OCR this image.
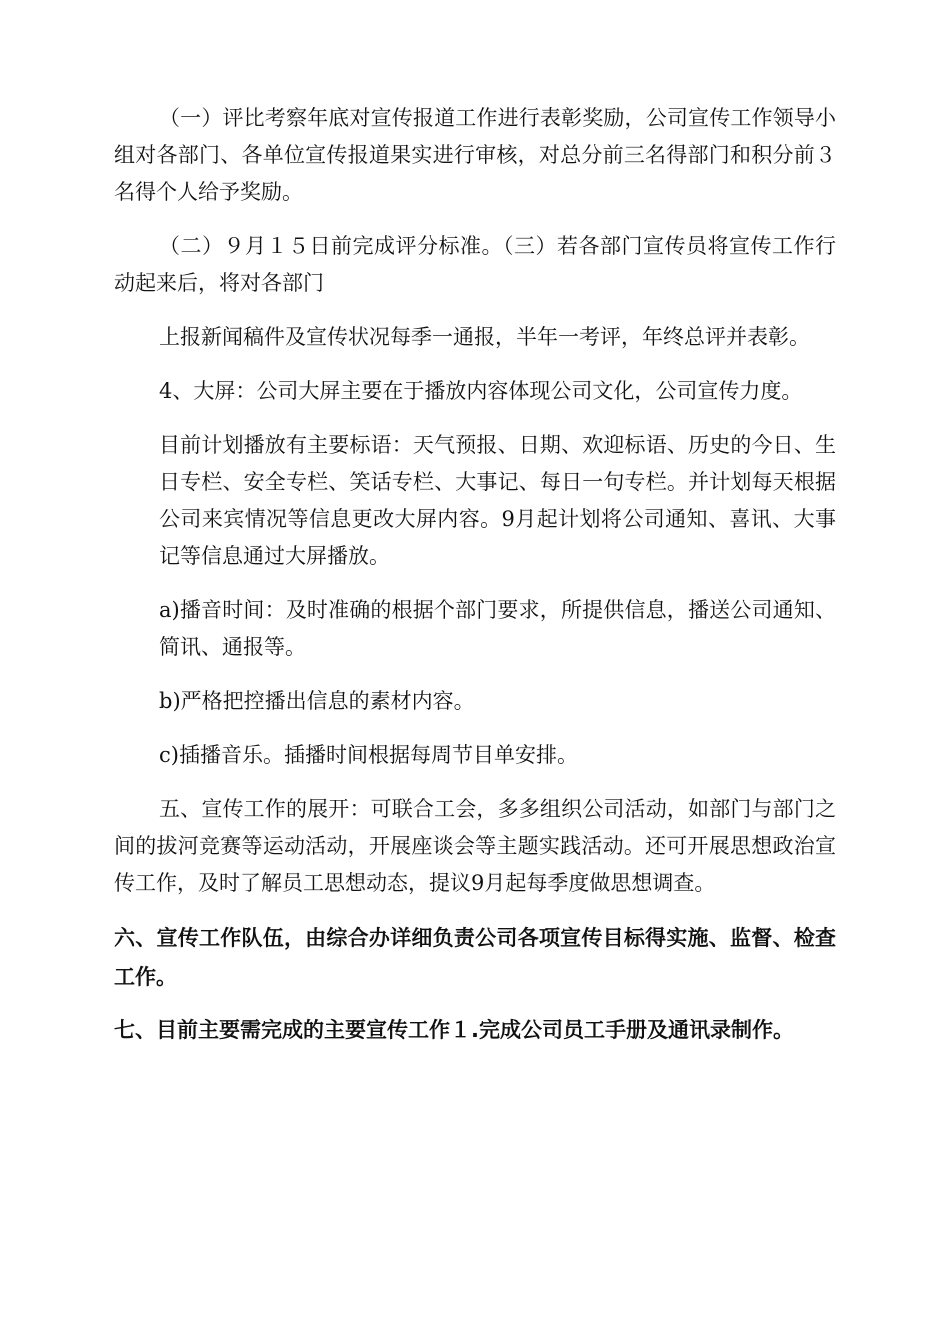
（一）评比考察年底对宣传报道工作进行表彰奖励，公司宣传工作领导小组对各部门、各单位宣传报道果实进行审核，对总分前三名得部门和积分前３名得个人给予奖励。

（二）９月１５日前完成评分标准。（三）若各部门宣传员将宣传工作行动起来后，将对各部门

上报新闻稿件及宣传状况每季一通报，半年一考评，年终总评并表彰。

4、大屏：公司大屏主要在于播放内容体现公司文化，公司宣传力度。

目前计划播放有主要标语：天气预报、日期、欢迎标语、历史的今日、生日专栏、安全专栏、笑话专栏、大事记、每日一句专栏。并计划每天根据公司来宾情况等信息更改大屏内容。9月起计划将公司通知、喜讯、大事记等信息通过大屏播放。

a)播音时间：及时准确的根据个部门要求，所提供信息，播送公司通知、简讯、通报等。

b)严格把控播出信息的素材内容。

c)插播音乐。插播时间根据每周节目单安排。

五、宣传工作的展开：可联合工会，多多组织公司活动，如部门与部门之间的拔河竞赛等运动活动，开展座谈会等主题实践活动。还可开展思想政治宣传工作，及时了解员工思想动态，提议9月起每季度做思想调查。

六、宣传工作队伍，由综合办详细负责公司各项宣传目标得实施、监督、检查工作。

七、目前主要需完成的主要宣传工作１.完成公司员工手册及通讯录制作。
